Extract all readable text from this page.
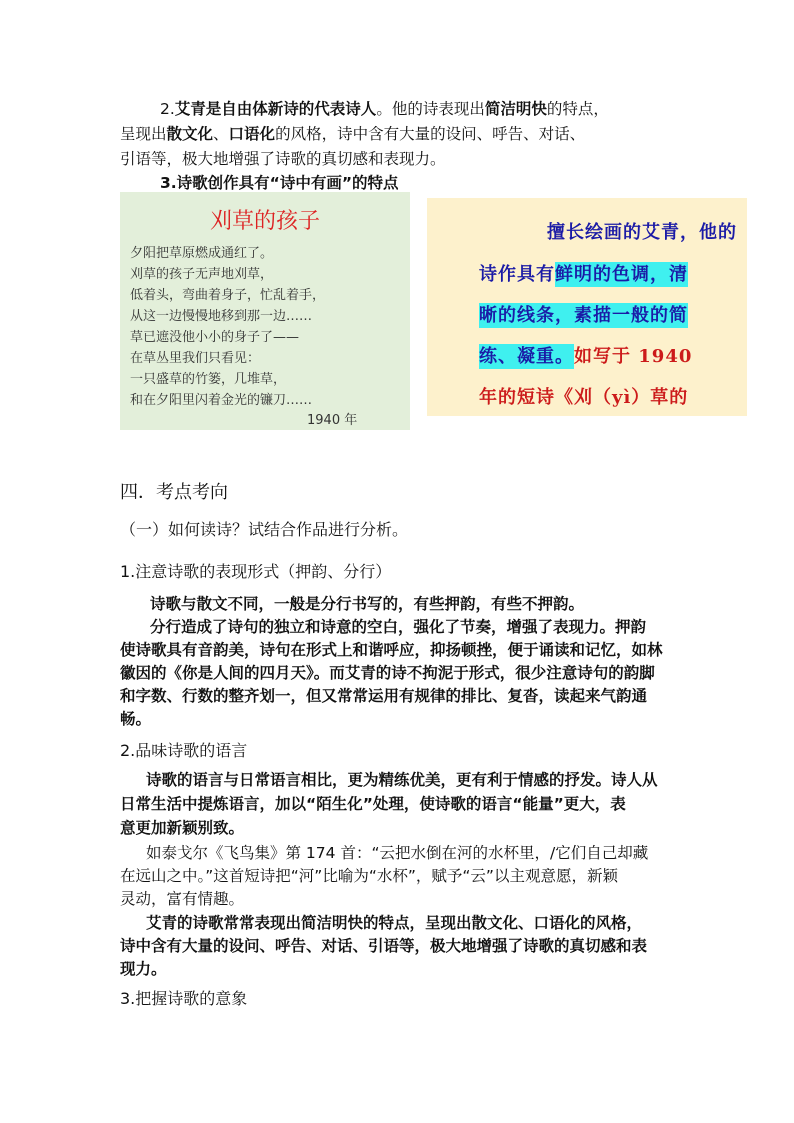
2.艾青是自由体新诗的代表诗人。他的诗表现出简洁明快的特点，
呈现出散文化、口语化的风格，诗中含有大量的设问、呼告、对话、
引语等，极大地增强了诗歌的真切感和表现力。
3.诗歌创作具有“诗中有画”的特点
刈草的孩子
夕阳把草原燃成通红了。
刈草的孩子无声地刈草，
低着头，弯曲着身子，忙乱着手，
从这一边慢慢地移到那一边……
草已遮没他小小的身子了——
在草丛里我们只看见：
一只盛草的竹篓，几堆草，
和在夕阳里闪着金光的镰刀……
1940 年
擅长绘画的艾青，他的
诗作具有鲜明的色调，清
晰的线条，素描一般的简
练、凝重。如写于 1940
年的短诗《刈（yì）草的
四．考点考向
（一）如何读诗？试结合作品进行分析。
1.注意诗歌的表现形式（押韵、分行）
诗歌与散文不同，一般是分行书写的，有些押韵，有些不押韵。
分行造成了诗句的独立和诗意的空白，强化了节奏，增强了表现力。押韵
使诗歌具有音韵美，诗句在形式上和谐呼应，抑扬顿挫，便于诵读和记忆，如林
徽因的《你是人间的四月天》。而艾青的诗不拘泥于形式，很少注意诗句的韵脚
和字数、行数的整齐划一，但又常常运用有规律的排比、复沓，读起来气韵通
畅。
2.品味诗歌的语言
诗歌的语言与日常语言相比，更为精练优美，更有利于情感的抒发。诗人从
日常生活中提炼语言，加以“陌生化”处理，使诗歌的语言“能量”更大，表
意更加新颖别致。
如泰戈尔《飞鸟集》第 174 首：“云把水倒在河的水杯里，/它们自己却藏
在远山之中。”这首短诗把“河”比喻为“水杯”，赋予“云”以主观意愿，新颖
灵动，富有情趣。
艾青的诗歌常常表现出简洁明快的特点，呈现出散文化、口语化的风格，
诗中含有大量的设问、呼告、对话、引语等，极大地增强了诗歌的真切感和表
现力。
3.把握诗歌的意象
